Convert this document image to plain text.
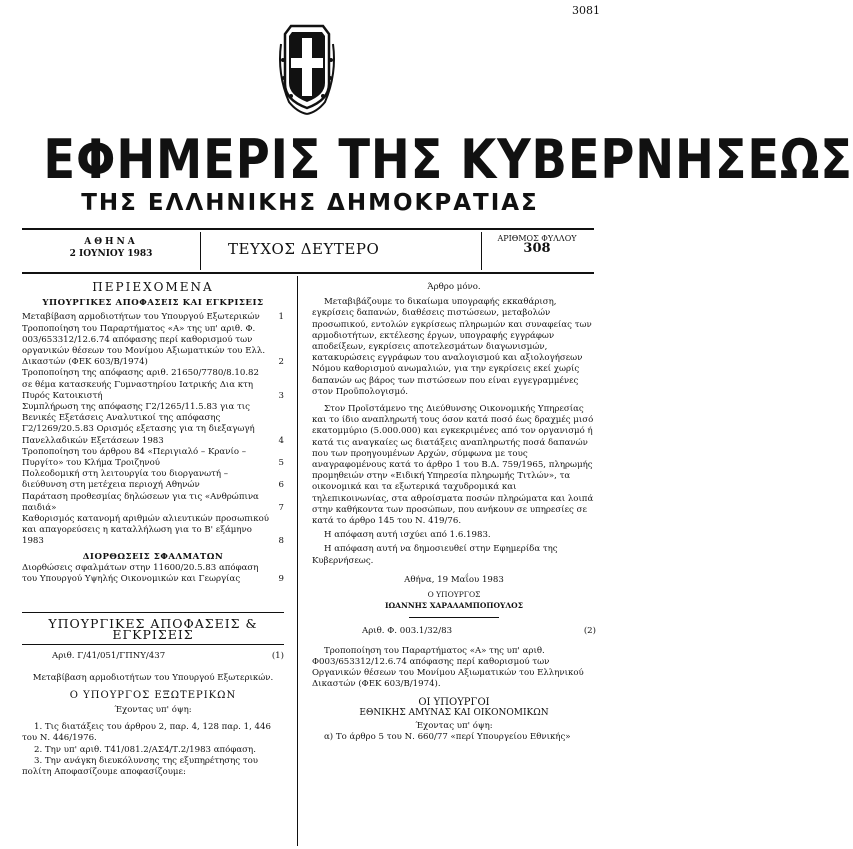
3081
ΕΦΗΜΕΡΙΣ ΤΗΣ ΚΥΒΕΡΝΗΣΕΩΣ
ΤΗΣ ΕΛΛΗΝΙΚΗΣ ΔΗΜΟΚΡΑΤΙΑΣ
ΑΘΗΝΑ
2 ΙΟΥΝΙΟΥ 1983	ΤΕΥΧΟΣ ΔΕΥΤΕΡΟ
ΑΡΙΘΜΟΣ ΦΥΛΛΟΥ
308
ΠΕΡΙΕΧΟΜΕΝΑ
ΥΠΟΥΡΓΙΚΕΣ ΑΠΟΦΑΣΕΙΣ ΚΑΙ ΕΓΚΡΙΣΕΙΣ
Μεταβίβαση αρμοδιοτήτων του Υπουργού Εξωτερικών 1
Τροποποίηση του Παραρτήματος «Α» της υπ' αριθ. Φ. 003/653312/12.6.74 απόφασης περί καθορισμού των οργανικών θέσεων του Μονίμου Αξιωματικών του Ελλ. Δικαστών (ΦΕΚ 603/Β/1974)	2
Τροποποίηση της απόφασης αριθ. 21650/7780/8.10.82 σε θέμα κατασκευής Γυμναστηρίου Ιατρικής Δια κτη Πυρός Κατοικιστή	3
Συμπλήρωση της απόφασης Γ2/1265/11.5.83 για τις Βενικές Εξετάσεις Αναλυτικοί της απόφασης Γ2/1269/20.5.83 Ορισμός εξετασης για τη διεξαγωγή Πανελλαδικών Εξετάσεων 1983	4
Τροποποίηση του άρθρου 84 «Περιγιαλό – Κρανίο – Πυργίτο» του Κλήμα Τροιζηνού	5
Πολεοδομική στη λειτουργία του διοργανωτή – διεύθυνση στη μετέχεια περιοχή Αθηνών	6
Παράταση προθεσμίας δηλώσεων για τις «Ανθρώπινα παιδιά»	7
Καθορισμός κατανομή αριθμών αλιευτικών προσωπικού και απαγορεύσεις η καταλλήλωση για το Β' εξάμηνο 1983	8
ΔΙΟΡΘΩΣΕΙΣ ΣΦΑΛΜΑΤΩΝ
Διορθώσεις σφαλμάτων στην 11600/20.5.83 απόφαση του Υπουργού Υψηλής Οικονομικών και Γεωργίας	9
ΥΠΟΥΡΓΙΚΕΣ ΑΠΟΦΑΣΕΙΣ & ΕΓΚΡΙΣΕΙΣ
Αριθ. Γ/41/051/ΓΠΝΥ/437	(1)
Μεταβίβαση αρμοδιοτήτων του Υπουργού Εξωτερικών.
Ο ΥΠΟΥΡΓΟΣ ΕΞΩΤΕΡΙΚΩΝ
Έχοντας υπ' όψη:

1. Τις διατάξεις του άρθρου 2, παρ. 4, 128 παρ. 1, 446 του Ν. 446/1976.

2. Την υπ' αριθ. Τ41/081.2/ΑΣ4/Τ.2/1983 απόφαση.

3. Την ανάγκη διευκόλυνσης της εξυπηρέτησης του πολίτη Αποφασίζουμε αποφασίζουμε:

Άρθρο μόνο.

Μεταβιβάζουμε το δικαίωμα υπογραφής εκκαθάριση, εγκρίσεις δαπανών, διαθέσεις πιστώσεων, μεταβολών προσωπικού, εντολών εγκρίσεως πληρωμών και συναφείας των αρμοδιοτήτων, εκτέλεσης έργων, υπογραφής εγγράφων αποδείξεων, εγκρίσεις αποτελεσμάτων διαγωνισμών, κατακυρώσεις εγγράφων του αναλογισμού και αξιολογήσεων Νόμου καθορισμού ανωμαλιών, για την εγκρίσεις εκεί χωρίς δαπανών ως βάρος των πιστώσεων που είναι εγγεγραμμένες στον Προϋπολογισμό.

Στον Προϊστάμενο της Διεύθυνσης Οικονομικής Υπηρεσίας και το ίδιο αναπληρωτή τους όσον κατά ποσό έως δραχμές μισό εκατομμύριο (5.000.000) και εγκεκριμένες από τον οργανισμό ή κατά τις αναγκαίες ως διατάξεις αναπληρωτής ποσά δαπανών που των προηγουμένων Αρχών, σύμφωνα με τους αναγραφομένους κατά το άρθρο 1 του Β.Δ. 759/1965, πληρωμής προμηθειών στην «Ειδική Υπηρεσία πληρωμής Τιτλών», τα οικονομικά και τα εξωτερικά ταχυδρομικά και τηλεπικοινωνίας, στα αθροίσματα ποσών πληρώματα και λοιπά στην καθήκοντα των προσώπων, που ανήκουν σε υπηρεσίες σε κατά το άρθρο 145 του Ν. 419/76.

Η απόφαση αυτή ισχύει από 1.6.1983.

Η απόφαση αυτή να δημοσιευθεί στην Εφημερίδα της Κυβερνήσεως.

Αθήνα, 19 Μαΐου 1983
Ο ΥΠΟΥΡΓΟΣ
ΙΩΑΝΝΗΣ ΧΑΡΑΛΑΜΠΟΠΟΥΛΟΣ
Αριθ. Φ. 003.1/32/83	(2)

Τροποποίηση του Παραρτήματος «Α» της υπ' αριθ. Φ003/653312/12.6.74 απόφασης περί καθορισμού των Οργανικών θέσεων του Μονίμου Αξιωματικών του Ελληνικού Δικαστών (ΦΕΚ 603/Β/1974).

ΟΙ ΥΠΟΥΡΓΟΙ
ΕΘΝΙΚΗΣ ΑΜΥΝΑΣ ΚΑΙ ΟΙΚΟΝΟΜΙΚΩΝ
Έχοντας υπ' όψη:

α) Το άρθρο 5 του Ν. 660/77 «περί Υπουργείου Εθνικής»
